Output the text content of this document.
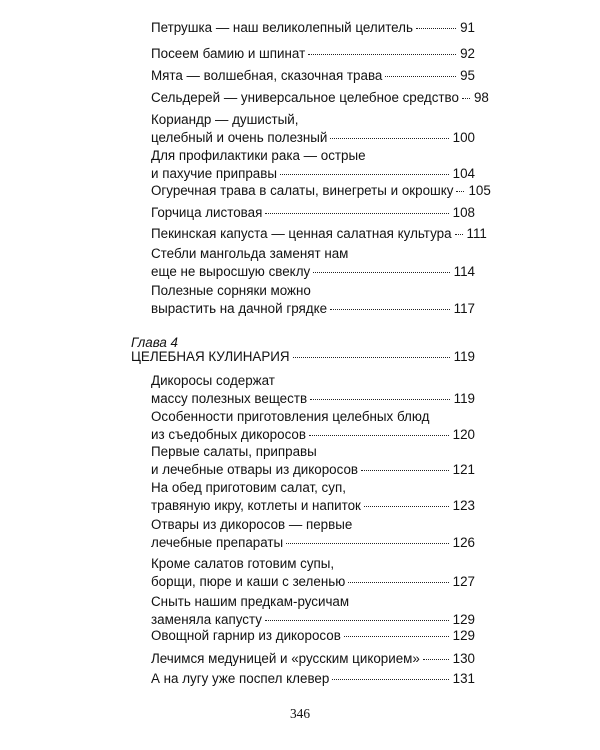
Петрушка — наш великолепный целитель	91
Посеем бамию и шпинат	92
Мята — волшебная, сказочная трава	95
Сельдерей — универсальное целебное средство 98
Кориандр — душистый,
целебный и очень полезный	100
Для профилактики рака — острые
и пахучие приправы	104
Огуречная трава в салаты, винегреты и окрошку 105
Горчица листовая	108
Пекинская капуста — ценная салатная культура 111
Стебли мангольда заменят нам
еще не выросшую свеклу	114
Полезные сорняки можно
вырастить на дачной грядке	117
Глава 4
ЦЕЛЕБНАЯ КУЛИНАРИЯ	119
Дикоросы содержат
массу полезных веществ	119
Особенности приготовления целебных блюд
из съедобных дикоросов	120
Первые салаты, приправы
и лечебные отвары из дикоросов	121
На обед приготовим салат, суп,
травяную икру, котлеты и напиток	123
Отвары из дикоросов — первые
лечебные препараты	126
Кроме салатов готовим супы,
борщи, пюре и каши с зеленью	127
Сныть нашим предкам-русичам
заменяла капусту	129
Овощной гарнир из дикоросов	129
Лечимся медуницей и «русским цикорием» 130
А на лугу уже поспел клевер	131
346
